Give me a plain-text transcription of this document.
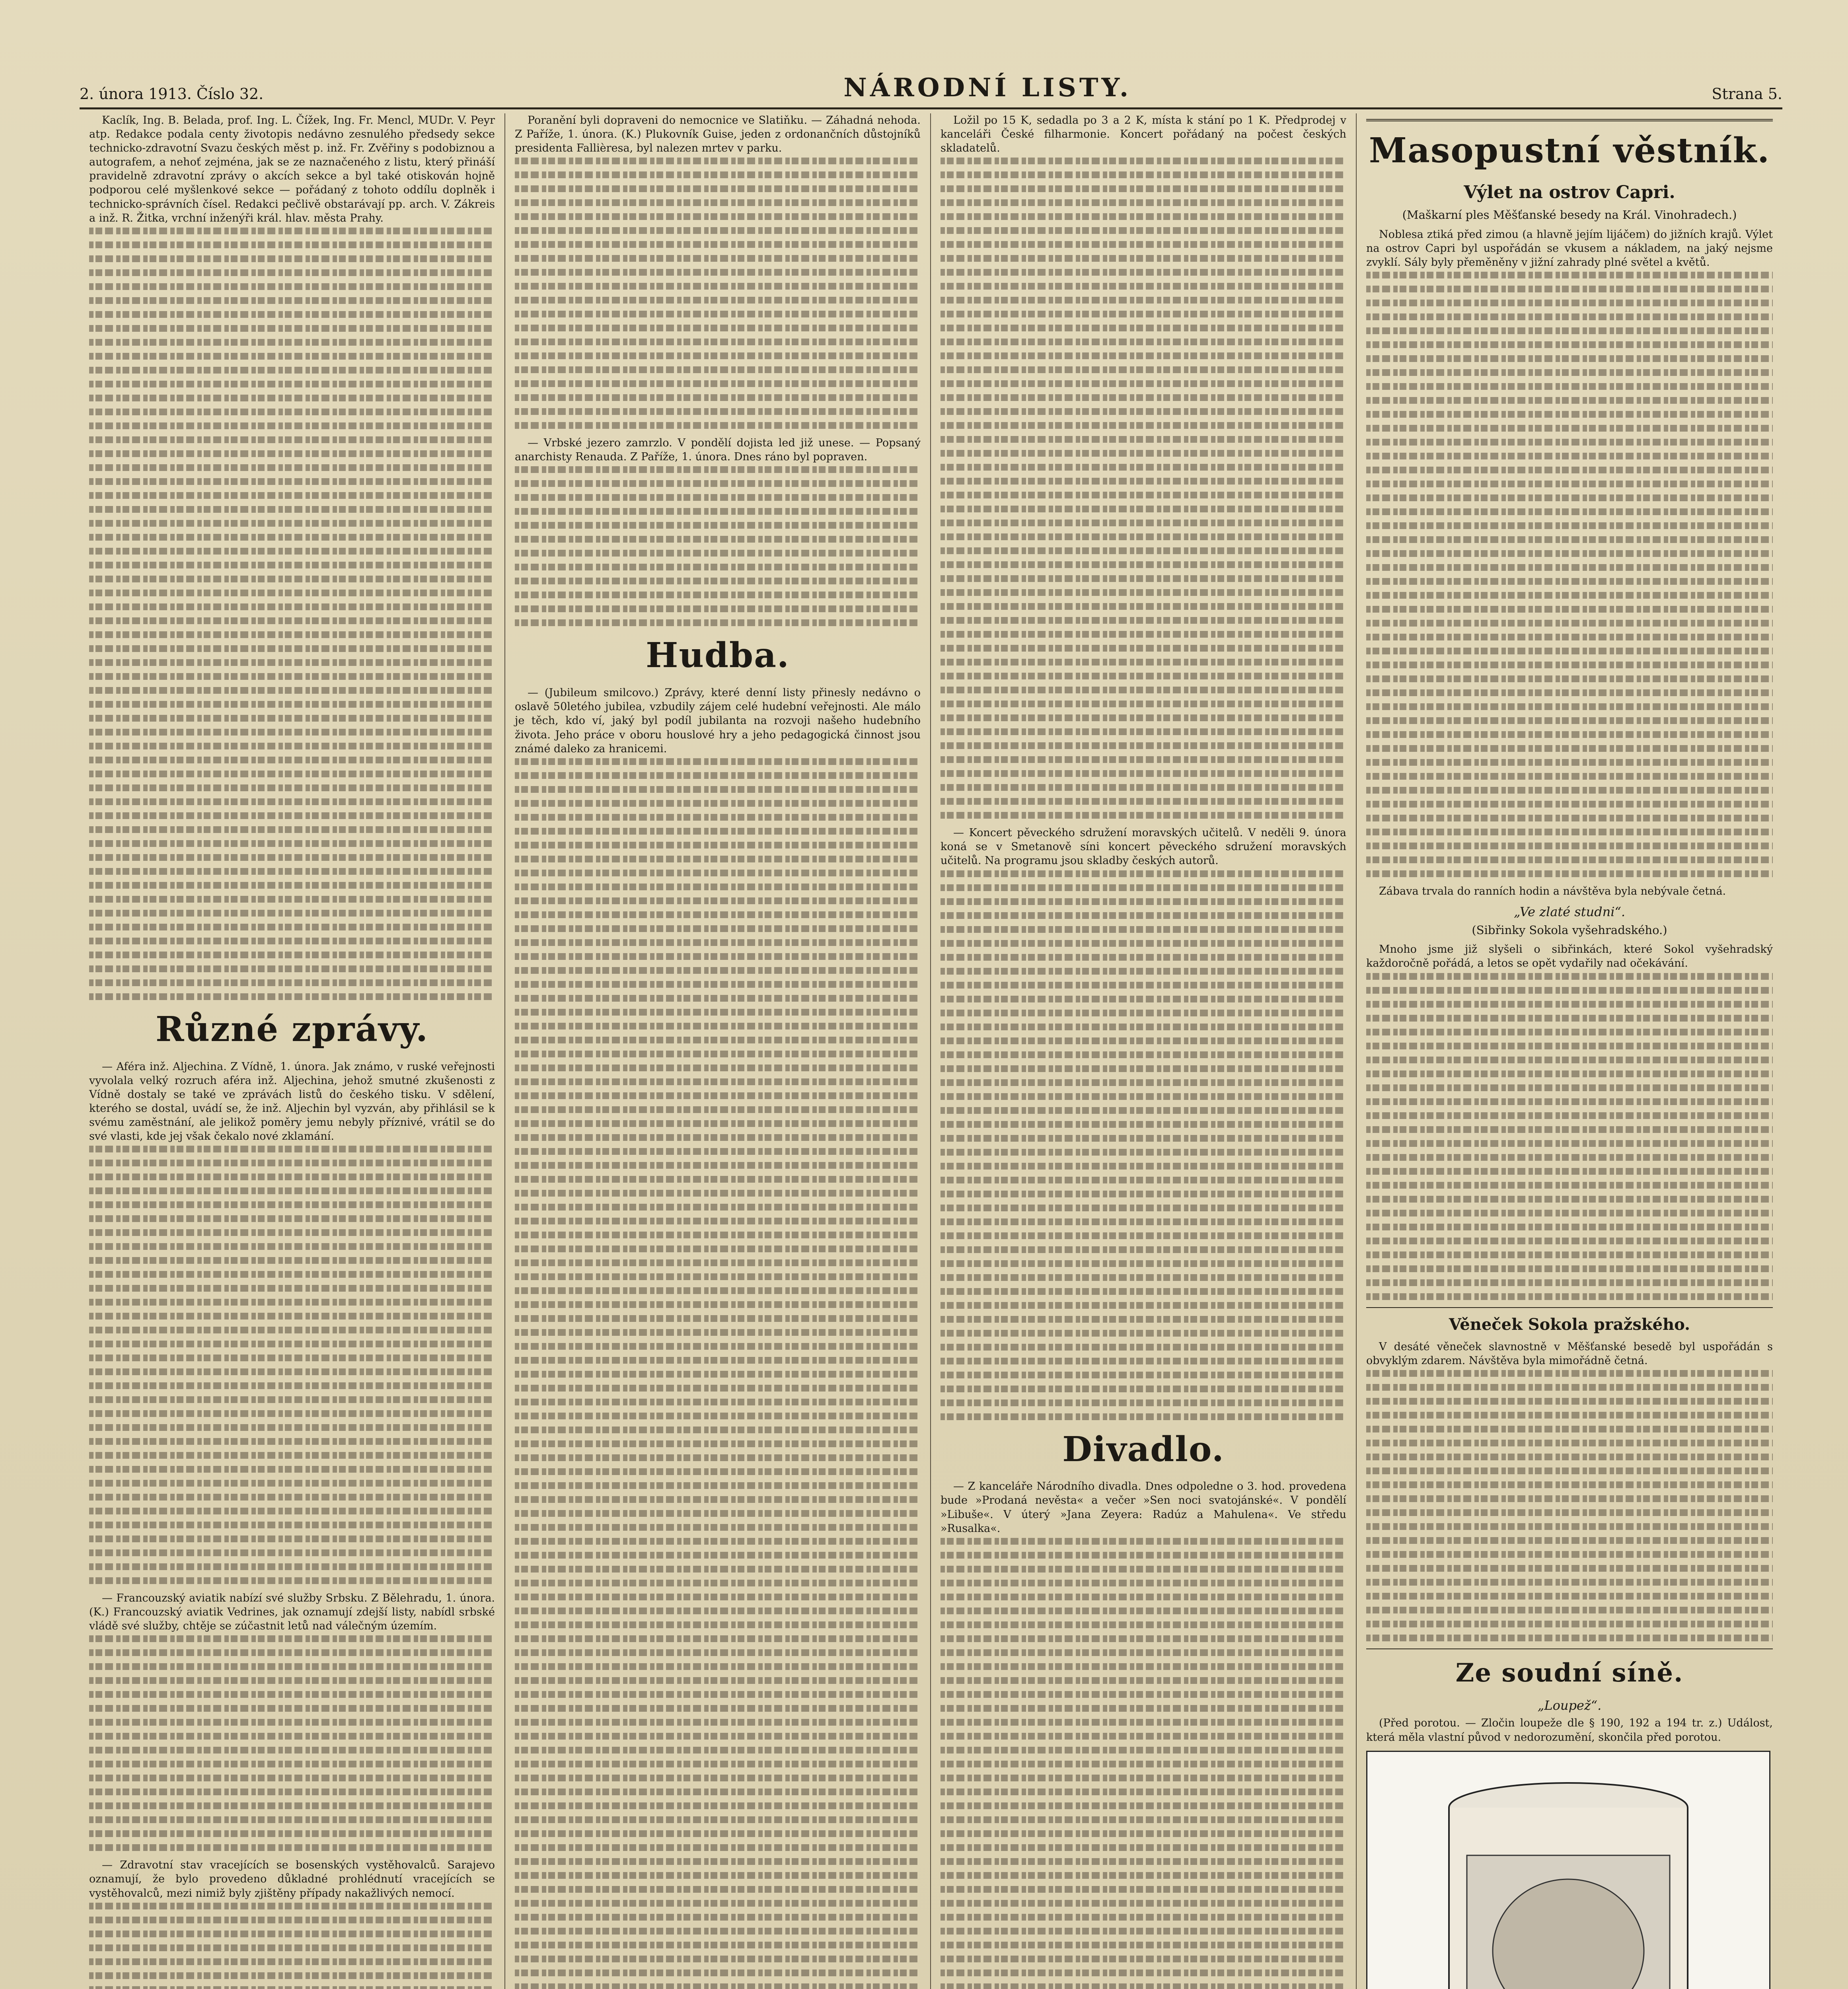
2. února 1913. Číslo 32.	NÁRODNÍ LISTY.	Strana 5.

Kaclík, Ing. B. Belada, prof. Ing. L. Čížek, Ing. Fr. Mencl, MUDr. V. Peyr atp. Redakce podala centy životopis nedávno zesnulého předsedy sekce technicko-zdravotní Svazu českých měst p. inž. Fr. Zvěřiny s podobiznou a autografem, a nehoť zejména, jak se ze naznačeného z listu, který přináší pravidelně zdravotní zprávy o akcích sekce a byl také otiskován hojně podporou celé myšlenkové sekce — pořádaný z tohoto oddílu doplněk i technicko-správních čísel. Redakci pečlivě obstarávají pp. arch. V. Zákreis a inž. R. Žitka, vrchní inženýři král. hlav. města Prahy.

Různé zprávy.

— Aféra inž. Aljechina. Z Vídně, 1. února. Jak známo, v ruské veřejnosti vyvolala velký rozruch aféra inž. Aljechina, jehož smutné zkušenosti z Vídně dostaly se také ve zprávách listů do českého tisku. V sdělení, kterého se dostal, uvádí se, že inž. Aljechin byl vyzván, aby přihlásil se k svému zaměstnání, ale jelikož poměry jemu nebyly příznivé, vrátil se do své vlasti, kde jej však čekalo nové zklamání.

— Francouzský aviatik nabízí své služby Srbsku. Z Bělehradu, 1. února. (K.) Francouzský aviatik Vedrines, jak oznamují zdejší listy, nabídl srbské vládě své služby, chtěje se zúčastnit letů nad válečným územím.

— Zdravotní stav vracejících se bosenských vystěhovalců. Sarajevo oznamují, že bylo provedeno důkladné prohlédnutí vracejících se vystěhovalců, mezi nimiž byly zjištěny případy nakažlivých nemocí.

Poranění byli dopraveni do nemocnice ve Slatiňku. — Záhadná nehoda. Z Paříže, 1. února. (K.) Plukovník Guise, jeden z ordonančních důstojníků presidenta Fallièresa, byl nalezen mrtev v parku.

— Vrbské jezero zamrzlo. V pondělí dojista led již unese. — Popsaný anarchisty Renauda. Z Paříže, 1. února. Dnes ráno byl popraven.

Hudba.

— (Jubileum smilcovo.) Zprávy, které denní listy přinesly nedávno o oslavě 50letého jubilea, vzbudily zájem celé hudební veřejnosti. Ale málo je těch, kdo ví, jaký byl podíl jubilanta na rozvoji našeho hudebního života. Jeho práce v oboru houslové hry a jeho pedagogická činnost jsou známé daleko za hranicemi.

Ložil po 15 K, sedadla po 3 a 2 K, místa k stání po 1 K. Předprodej v kanceláři České filharmonie. Koncert pořádaný na počest českých skladatelů.

— Koncert pěveckého sdružení moravských učitelů. V neděli 9. února koná se v Smetanově síni koncert pěveckého sdružení moravských učitelů. Na programu jsou skladby českých autorů.

Divadlo.

— Z kanceláře Národního divadla. Dnes odpoledne o 3. hod. provedena bude »Prodaná nevěsta« a večer »Sen noci svatojánské«. V pondělí »Libuše«. V úterý »Jana Zeyera: Radúz a Mahulena«. Ve středu »Rusalka«.

Masopustní věstník.
Výlet na ostrov Capri.
(Maškarní ples Měšťanské besedy na Král. Vinohradech.)

Noblesa ztiká před zimou (a hlavně jejím lijáčem) do jižních krajů. Výlet na ostrov Capri byl uspořádán se vkusem a nákladem, na jaký nejsme zvyklí. Sály byly přeměněny v jižní zahrady plné světel a květů.

Zábava trvala do ranních hodin a návštěva byla nebývale četná.

„Ve zlaté studni“.
(Sibřinky Sokola vyšehradského.)

Mnoho jsme již slyšeli o sibřinkách, které Sokol vyšehradský každoročně pořádá, a letos se opět vydařily nad očekávání.

Věneček Sokola pražského.

V desáté věneček slavnostně v Měšťanské besedě byl uspořádán s obvyklým zdarem. Návštěva byla mimořádně četná.

Ze soudní síně.
„Loupež“.

(Před porotou. — Zločin loupeže dle § 190, 192 a 194 tr. z.) Událost, která měla vlastní původ v nedorozumění, skončila před porotou.
